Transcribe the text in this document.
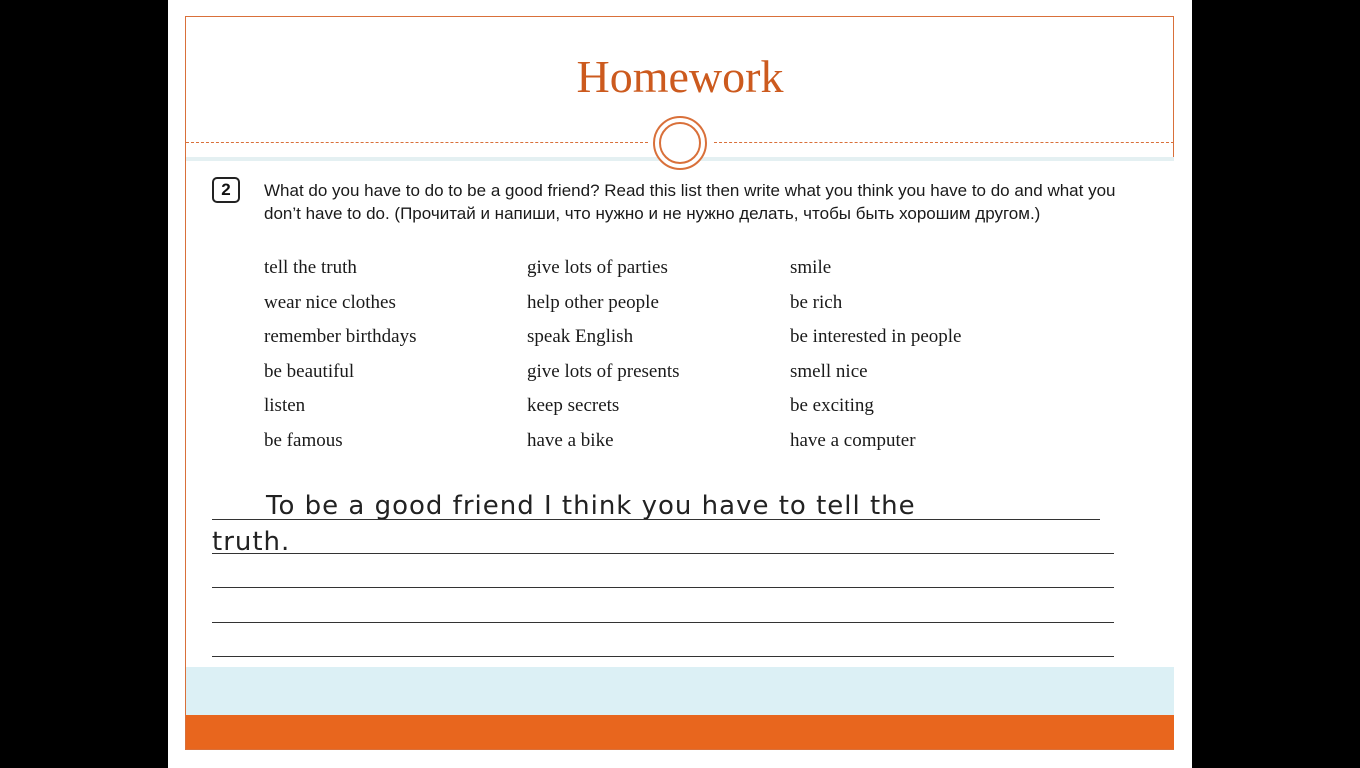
Homework
2	What do you have to do to be a good friend? Read this list then write what you think you have to do and what you don’t have to do. (Прочитай и напиши, что нужно и не нужно делать, чтобы быть хорошим другом.)
tell the truth
wear nice clothes
remember birthdays
be beautiful
listen
be famous
give lots of parties
help other people
speak English
give lots of presents
keep secrets
have a bike
smile
be rich
be interested in people
smell nice
be exciting
have a computer
To be a good friend I think you have to tell the
truth.
